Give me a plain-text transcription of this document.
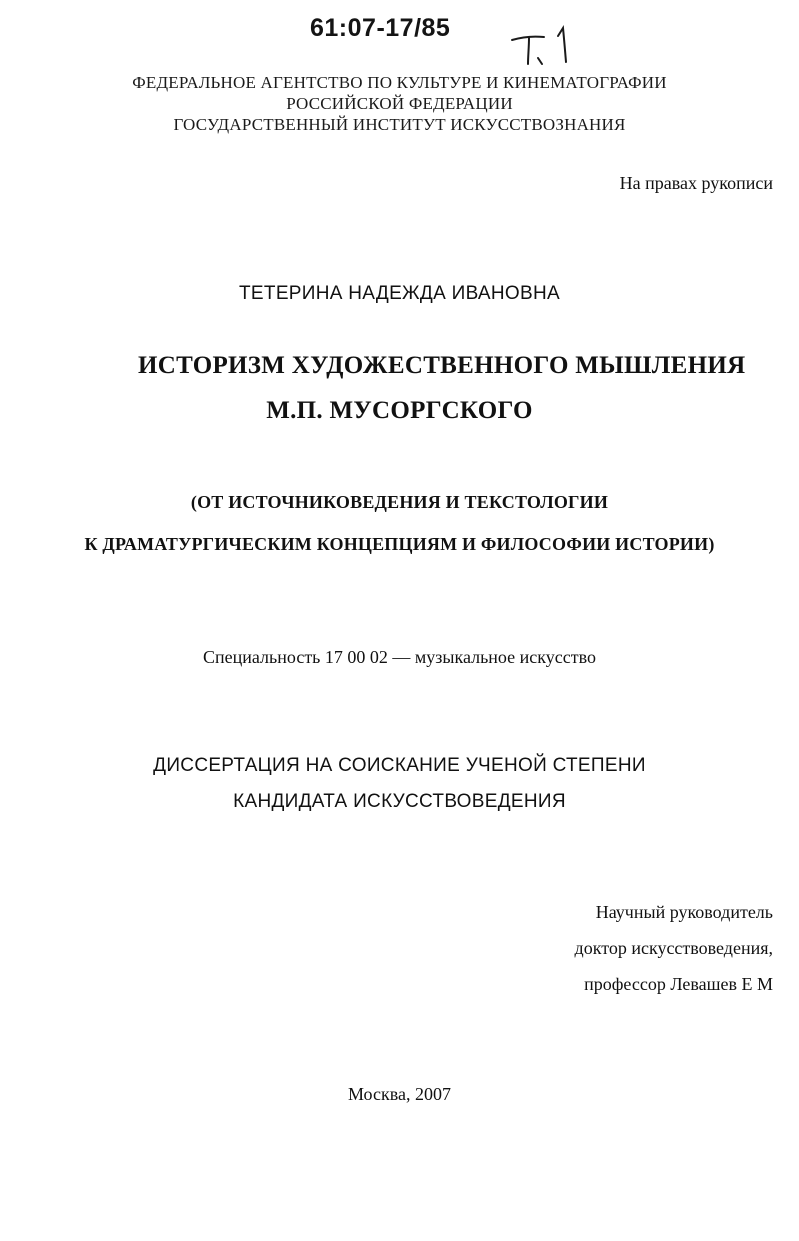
61:07-17/85
ФЕДЕРАЛЬНОЕ АГЕНТСТВО ПО КУЛЬТУРЕ И КИНЕМАТОГРАФИИ
РОССИЙСКОЙ ФЕДЕРАЦИИ
ГОСУДАРСТВЕННЫЙ ИНСТИТУТ ИСКУССТВОЗНАНИЯ
На правах рукописи
ТЕТЕРИНА НАДЕЖДА ИВАНОВНА
ИСТОРИЗМ ХУДОЖЕСТВЕННОГО МЫШЛЕНИЯ
М.П. МУСОРГСКОГО
(ОТ ИСТОЧНИКОВЕДЕНИЯ И ТЕКСТОЛОГИИ
К ДРАМАТУРГИЧЕСКИМ КОНЦЕПЦИЯМ И ФИЛОСОФИИ ИСТОРИИ)
Специальность 17 00 02 — музыкальное искусство
ДИССЕРТАЦИЯ НА СОИСКАНИЕ УЧЕНОЙ СТЕПЕНИ
КАНДИДАТА ИСКУССТВОВЕДЕНИЯ
Научный руководитель
доктор искусствоведения,
профессор Левашев Е М
Москва, 2007
